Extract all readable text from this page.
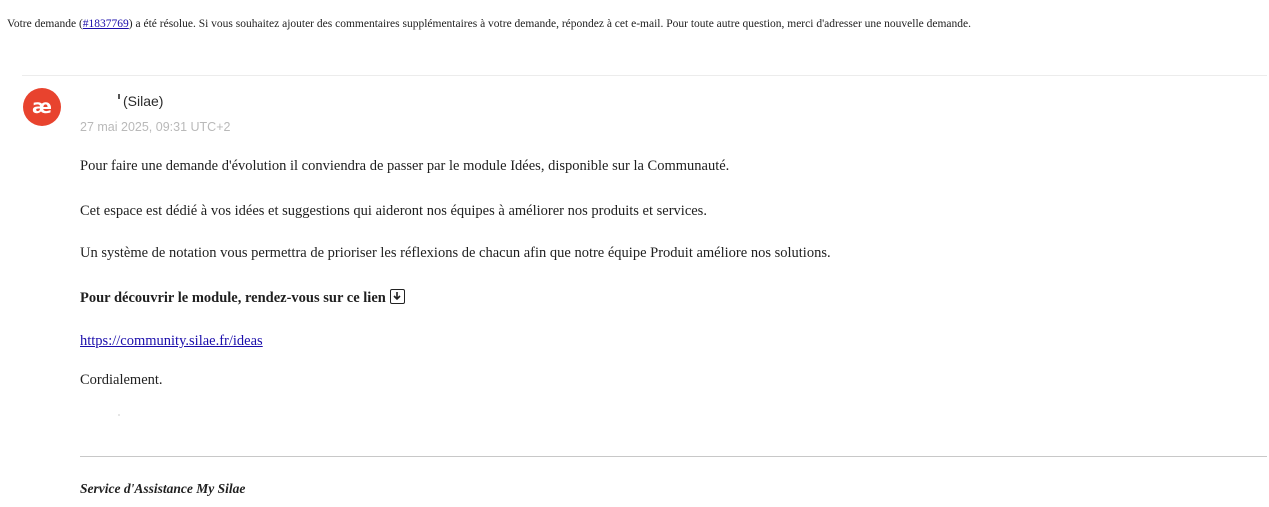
Votre demande (#1837769) a été résolue. Si vous souhaitez ajouter des commentaires supplémentaires à votre demande, répondez à cet e-mail. Pour toute autre question, merci d'adresser une nouvelle demande.
æ	(Silae)
27 mai 2025, 09:31 UTC+2
Pour faire une demande d'évolution il conviendra de passer par le module Idées, disponible sur la Communauté.
Cet espace est dédié à vos idées et suggestions qui aideront nos équipes à améliorer nos produits et services.
Un système de notation vous permettra de prioriser les réflexions de chacun afin que notre équipe Produit améliore nos solutions.
Pour découvrir le module, rendez-vous sur ce lien
https://community.silae.fr/ideas
Cordialement.
Service d'Assistance My Silae
